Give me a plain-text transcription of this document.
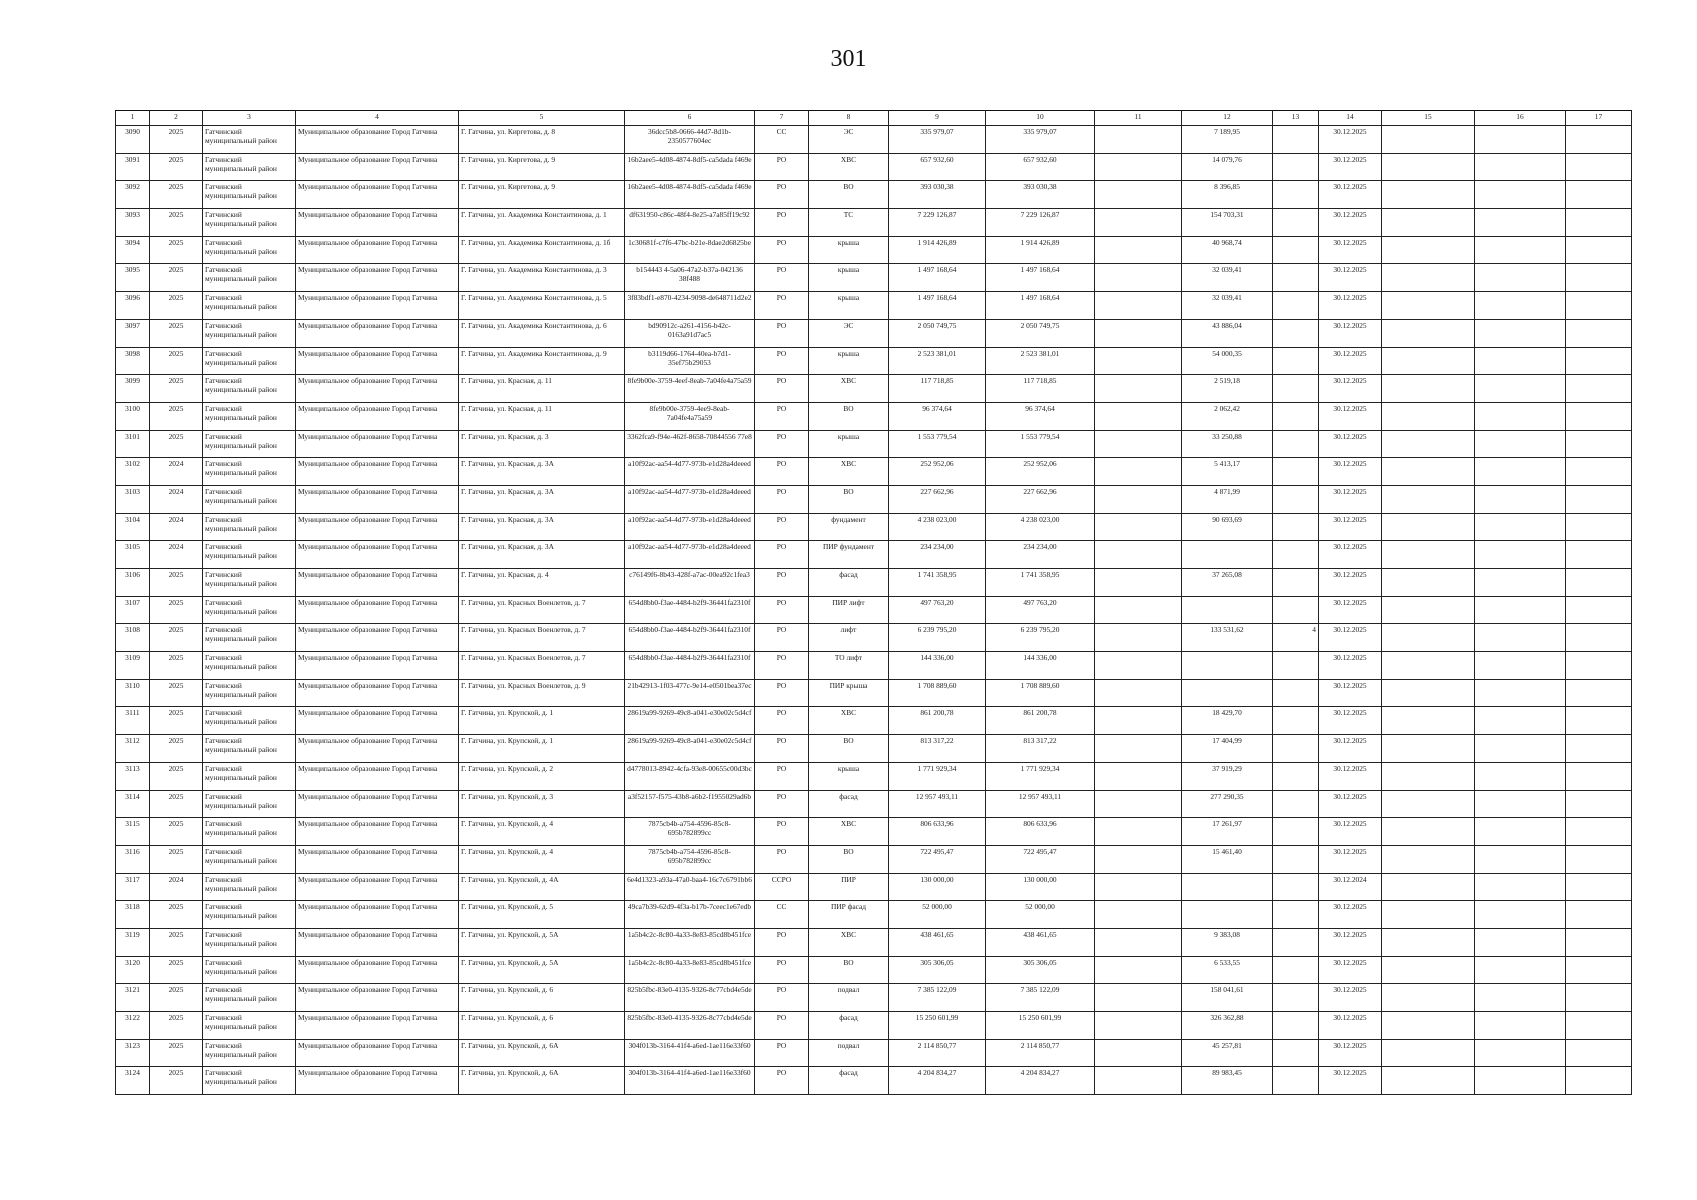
301
1	2	3	4	5	6	7	8	9	10	11	12	13	14	15	16	17
3090	2025	Гатчинский муниципальный район	Муниципальное образование Город Гатчина	Г. Гатчина, ул. Киргетова, д. 8	36dcc5b8-0666-44d7-8d1b-2350577604ec	СС	ЭС	335 979,07	335 979,07		7 189,95		30.12.2025			
3091	2025	Гатчинский муниципальный район	Муниципальное образование Город Гатчина	Г. Гатчина, ул. Киргетова, д. 9	16b2aee5-4d08-4874-8df5-ca5dada f469e	РО	ХВС	657 932,60	657 932,60		14 079,76		30.12.2025			
3092	2025	Гатчинский муниципальный район	Муниципальное образование Город Гатчина	Г. Гатчина, ул. Киргетова, д. 9	16b2aee5-4d08-4874-8df5-ca5dada f469e	РО	ВО	393 030,38	393 030,38		8 396,85		30.12.2025			
3093	2025	Гатчинский муниципальный район	Муниципальное образование Город Гатчина	Г. Гатчина, ул. Академика Константинова, д. 1	df631950-c86c-48f4-8e25-a7a85ff19c92	РО	ТС	7 229 126,87	7 229 126,87		154 703,31		30.12.2025			
3094	2025	Гатчинский муниципальный район	Муниципальное образование Город Гатчина	Г. Гатчина, ул. Академика Константинова, д. 1б	1c30681f-c7f6-47bc-b21e-8dae2d6825be	РО	крыша	1 914 426,89	1 914 426,89		40 968,74		30.12.2025			
3095	2025	Гатчинский муниципальный район	Муниципальное образование Город Гатчина	Г. Гатчина, ул. Академика Константинова, д. 3	b154443 4-5a06-47a2-b37a-042136 38f488	РО	крыша	1 497 168,64	1 497 168,64		32 039,41		30.12.2025			
3096	2025	Гатчинский муниципальный район	Муниципальное образование Город Гатчина	Г. Гатчина, ул. Академика Константинова, д. 5	3f83bdf1-e870-4234-9098-de648711d2e2	РО	крыша	1 497 168,64	1 497 168,64		32 039,41		30.12.2025			
3097	2025	Гатчинский муниципальный район	Муниципальное образование Город Гатчина	Г. Гатчина, ул. Академика Константинова, д. 6	bd90912c-a261-4156-b42c-0163a91d7ac5	РО	ЭС	2 050 749,75	2 050 749,75		43 886,04		30.12.2025			
3098	2025	Гатчинский муниципальный район	Муниципальное образование Город Гатчина	Г. Гатчина, ул. Академика Константинова, д. 9	b3119d66-1764-40ea-b7d1-35ef75b29053	РО	крыша	2 523 381,01	2 523 381,01		54 000,35		30.12.2025			
3099	2025	Гатчинский муниципальный район	Муниципальное образование Город Гатчина	Г. Гатчина, ул. Красная, д. 11	8fe9b00e-3759-4eef-8eab-7a04fe4a75a59	РО	ХВС	117 718,85	117 718,85		2 519,18		30.12.2025			
3100	2025	Гатчинский муниципальный район	Муниципальное образование Город Гатчина	Г. Гатчина, ул. Красная, д. 11	8fe9b00e-3759-4ee9-8eab-7a04fe4a75a59	РО	ВО	96 374,64	96 374,64		2 062,42		30.12.2025			
3101	2025	Гатчинский муниципальный район	Муниципальное образование Город Гатчина	Г. Гатчина, ул. Красная, д. 3	3362fca9-f94e-462f-8658-70844556 77e8	РО	крыша	1 553 779,54	1 553 779,54		33 250,88		30.12.2025			
3102	2024	Гатчинский муниципальный район	Муниципальное образование Город Гатчина	Г. Гатчина, ул. Красная, д. 3А	a10f92ac-aa54-4d77-973b-e1d28a4deeed	РО	ХВС	252 952,06	252 952,06		5 413,17		30.12.2025			
3103	2024	Гатчинский муниципальный район	Муниципальное образование Город Гатчина	Г. Гатчина, ул. Красная, д. 3А	a10f92ac-aa54-4d77-973b-e1d28a4deeed	РО	ВО	227 662,96	227 662,96		4 871,99		30.12.2025			
3104	2024	Гатчинский муниципальный район	Муниципальное образование Город Гатчина	Г. Гатчина, ул. Красная, д. 3А	a10f92ac-aa54-4d77-973b-e1d28a4deeed	РО	фундамент	4 238 023,00	4 238 023,00		90 693,69		30.12.2025			
3105	2024	Гатчинский муниципальный район	Муниципальное образование Город Гатчина	Г. Гатчина, ул. Красная, д. 3А	a10f92ac-aa54-4d77-973b-e1d28a4deeed	РО	ПИР фундамент	234 234,00	234 234,00				30.12.2025			
3106	2025	Гатчинский муниципальный район	Муниципальное образование Город Гатчина	Г. Гатчина, ул. Красная, д. 4	c76149f6-8b43-428f-a7ac-00ea92c1fea3	РО	фасад	1 741 358,95	1 741 358,95		37 265,08		30.12.2025			
3107	2025	Гатчинский муниципальный район	Муниципальное образование Город Гатчина	Г. Гатчина, ул. Красных Военлетов, д. 7	654d8bb0-f3ae-4484-b2f9-36441fa2310f	РО	ПИР лифт	497 763,20	497 763,20				30.12.2025			
3108	2025	Гатчинский муниципальный район	Муниципальное образование Город Гатчина	Г. Гатчина, ул. Красных Военлетов, д. 7	654d8bb0-f3ae-4484-b2f9-36441fa2310f	РО	лифт	6 239 795,20	6 239 795,20		133 531,62	4	30.12.2025			
3109	2025	Гатчинский муниципальный район	Муниципальное образование Город Гатчина	Г. Гатчина, ул. Красных Военлетов, д. 7	654d8bb0-f3ae-4484-b2f9-36441fa2310f	РО	ТО лифт	144 336,00	144 336,00				30.12.2025			
3110	2025	Гатчинский муниципальный район	Муниципальное образование Город Гатчина	Г. Гатчина, ул. Красных Военлетов, д. 9	21b42913-1f03-477c-9e14-e0501bea37ec	РО	ПИР крыша	1 708 889,60	1 708 889,60				30.12.2025			
3111	2025	Гатчинский муниципальный район	Муниципальное образование Город Гатчина	Г. Гатчина, ул. Крупской, д. 1	28619a99-9269-49c8-a041-e30e02c5d4cf	РО	ХВС	861 200,78	861 200,78		18 429,70		30.12.2025			
3112	2025	Гатчинский муниципальный район	Муниципальное образование Город Гатчина	Г. Гатчина, ул. Крупской, д. 1	28619a99-9269-49c8-a041-e30e02c5d4cf	РО	ВО	813 317,22	813 317,22		17 404,99		30.12.2025			
3113	2025	Гатчинский муниципальный район	Муниципальное образование Город Гатчина	Г. Гатчина, ул. Крупской, д. 2	d4778013-8942-4cfa-93e8-00655c00d3bc	РО	крыша	1 771 929,34	1 771 929,34		37 919,29		30.12.2025			
3114	2025	Гатчинский муниципальный район	Муниципальное образование Город Гатчина	Г. Гатчина, ул. Крупской, д. 3	a3f52157-f575-43b8-a6b2-f1955029ad6b	РО	фасад	12 957 493,11	12 957 493,11		277 290,35		30.12.2025			
3115	2025	Гатчинский муниципальный район	Муниципальное образование Город Гатчина	Г. Гатчина, ул. Крупской, д. 4	7875cb4b-a754-4596-85c8-695b782899cc	РО	ХВС	806 633,96	806 633,96		17 261,97		30.12.2025			
3116	2025	Гатчинский муниципальный район	Муниципальное образование Город Гатчина	Г. Гатчина, ул. Крупской, д. 4	7875cb4b-a754-4596-85c8-695b782899cc	РО	ВО	722 495,47	722 495,47		15 461,40		30.12.2025			
3117	2024	Гатчинский муниципальный район	Муниципальное образование Город Гатчина	Г. Гатчина, ул. Крупской, д. 4А	6e4d1323-a93a-47a0-baa4-16c7c6791bb6	ССРО	ПИР	130 000,00	130 000,00				30.12.2024			
3118	2025	Гатчинский муниципальный район	Муниципальное образование Город Гатчина	Г. Гатчина, ул. Крупской, д. 5	49ca7b39-62d9-4f3a-b17b-7ceec1e67edb	СС	ПИР фасад	52 000,00	52 000,00				30.12.2025			
3119	2025	Гатчинский муниципальный район	Муниципальное образование Город Гатчина	Г. Гатчина, ул. Крупской, д. 5А	1a5b4c2c-8c80-4a33-8e83-85cd8b451fce	РО	ХВС	438 461,65	438 461,65		9 383,08		30.12.2025			
3120	2025	Гатчинский муниципальный район	Муниципальное образование Город Гатчина	Г. Гатчина, ул. Крупской, д. 5А	1a5b4c2c-8c80-4a33-8e83-85cd8b451fce	РО	ВО	305 306,05	305 306,05		6 533,55		30.12.2025			
3121	2025	Гатчинский муниципальный район	Муниципальное образование Город Гатчина	Г. Гатчина, ул. Крупской, д. 6	825b5fbc-83e0-4135-9326-8c77cbd4e5de	РО	подвал	7 385 122,09	7 385 122,09		158 041,61		30.12.2025			
3122	2025	Гатчинский муниципальный район	Муниципальное образование Город Гатчина	Г. Гатчина, ул. Крупской, д. 6	825b5fbc-83e0-4135-9326-8c77cbd4e5de	РО	фасад	15 250 601,99	15 250 601,99		326 362,88		30.12.2025			
3123	2025	Гатчинский муниципальный район	Муниципальное образование Город Гатчина	Г. Гатчина, ул. Крупской, д. 6А	304f013b-3164-41f4-a6ed-1ae116e33f60	РО	подвал	2 114 850,77	2 114 850,77		45 257,81		30.12.2025			
3124	2025	Гатчинский муниципальный район	Муниципальное образование Город Гатчина	Г. Гатчина, ул. Крупской, д. 6А	304f013b-3164-41f4-a6ed-1ae116e33f60	РО	фасад	4 204 834,27	4 204 834,27		89 983,45		30.12.2025			
